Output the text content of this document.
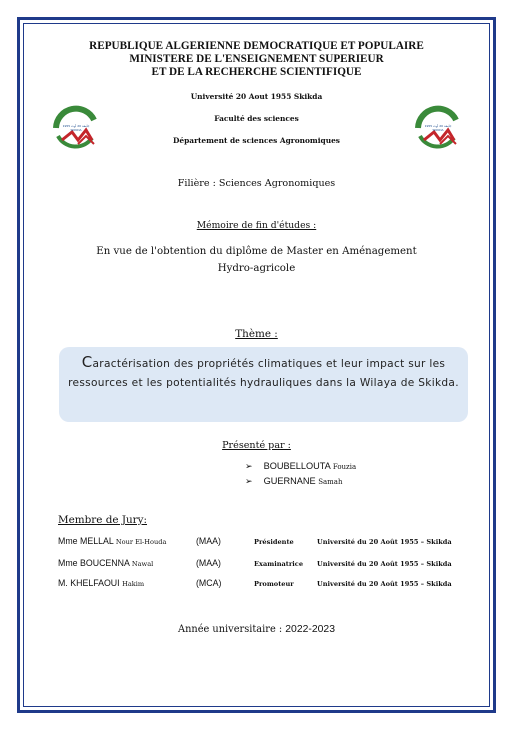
REPUBLIQUE ALGERIENNE DEMOCRATIQUE ET POPULAIRE
MINISTERE DE L'ENSEIGNEMENT SUPERIEUR
ET DE LA RECHERCHE SCIENTIFIQUE
جامعة 20 أوت 1955
SKIKDA
جامعة 20 أوت 1955
SKIKDA
Université 20 Aout 1955 Skikda
Faculté des sciences
Département de sciences Agronomiques
Filière : Sciences Agronomiques
Mémoire de fin d'études :
En vue de l'obtention du diplôme de Master en Aménagement
Hydro-agricole
Thème :
Caractérisation des propriétés climatiques et leur impact sur les ressources et les potentialités hydrauliques dans la Wilaya de Skikda.
Présenté par :
➢ BOUBELLOUTA Fouzia
➢ GUERNANE Samah
Membre de Jury:
Mme MELLAL Nour El-Houda	(MAA)	Présidente	Université du 20 Août 1955 – Skikda
Mme BOUCENNA Nawal	(MAA)	Examinatrice Université du 20 Août 1955 – Skikda
M. KHELFAOUI Hakim	(MCA)	Promoteur	Université du 20 Août 1955 – Skikda
Année universitaire : 2022-2023
